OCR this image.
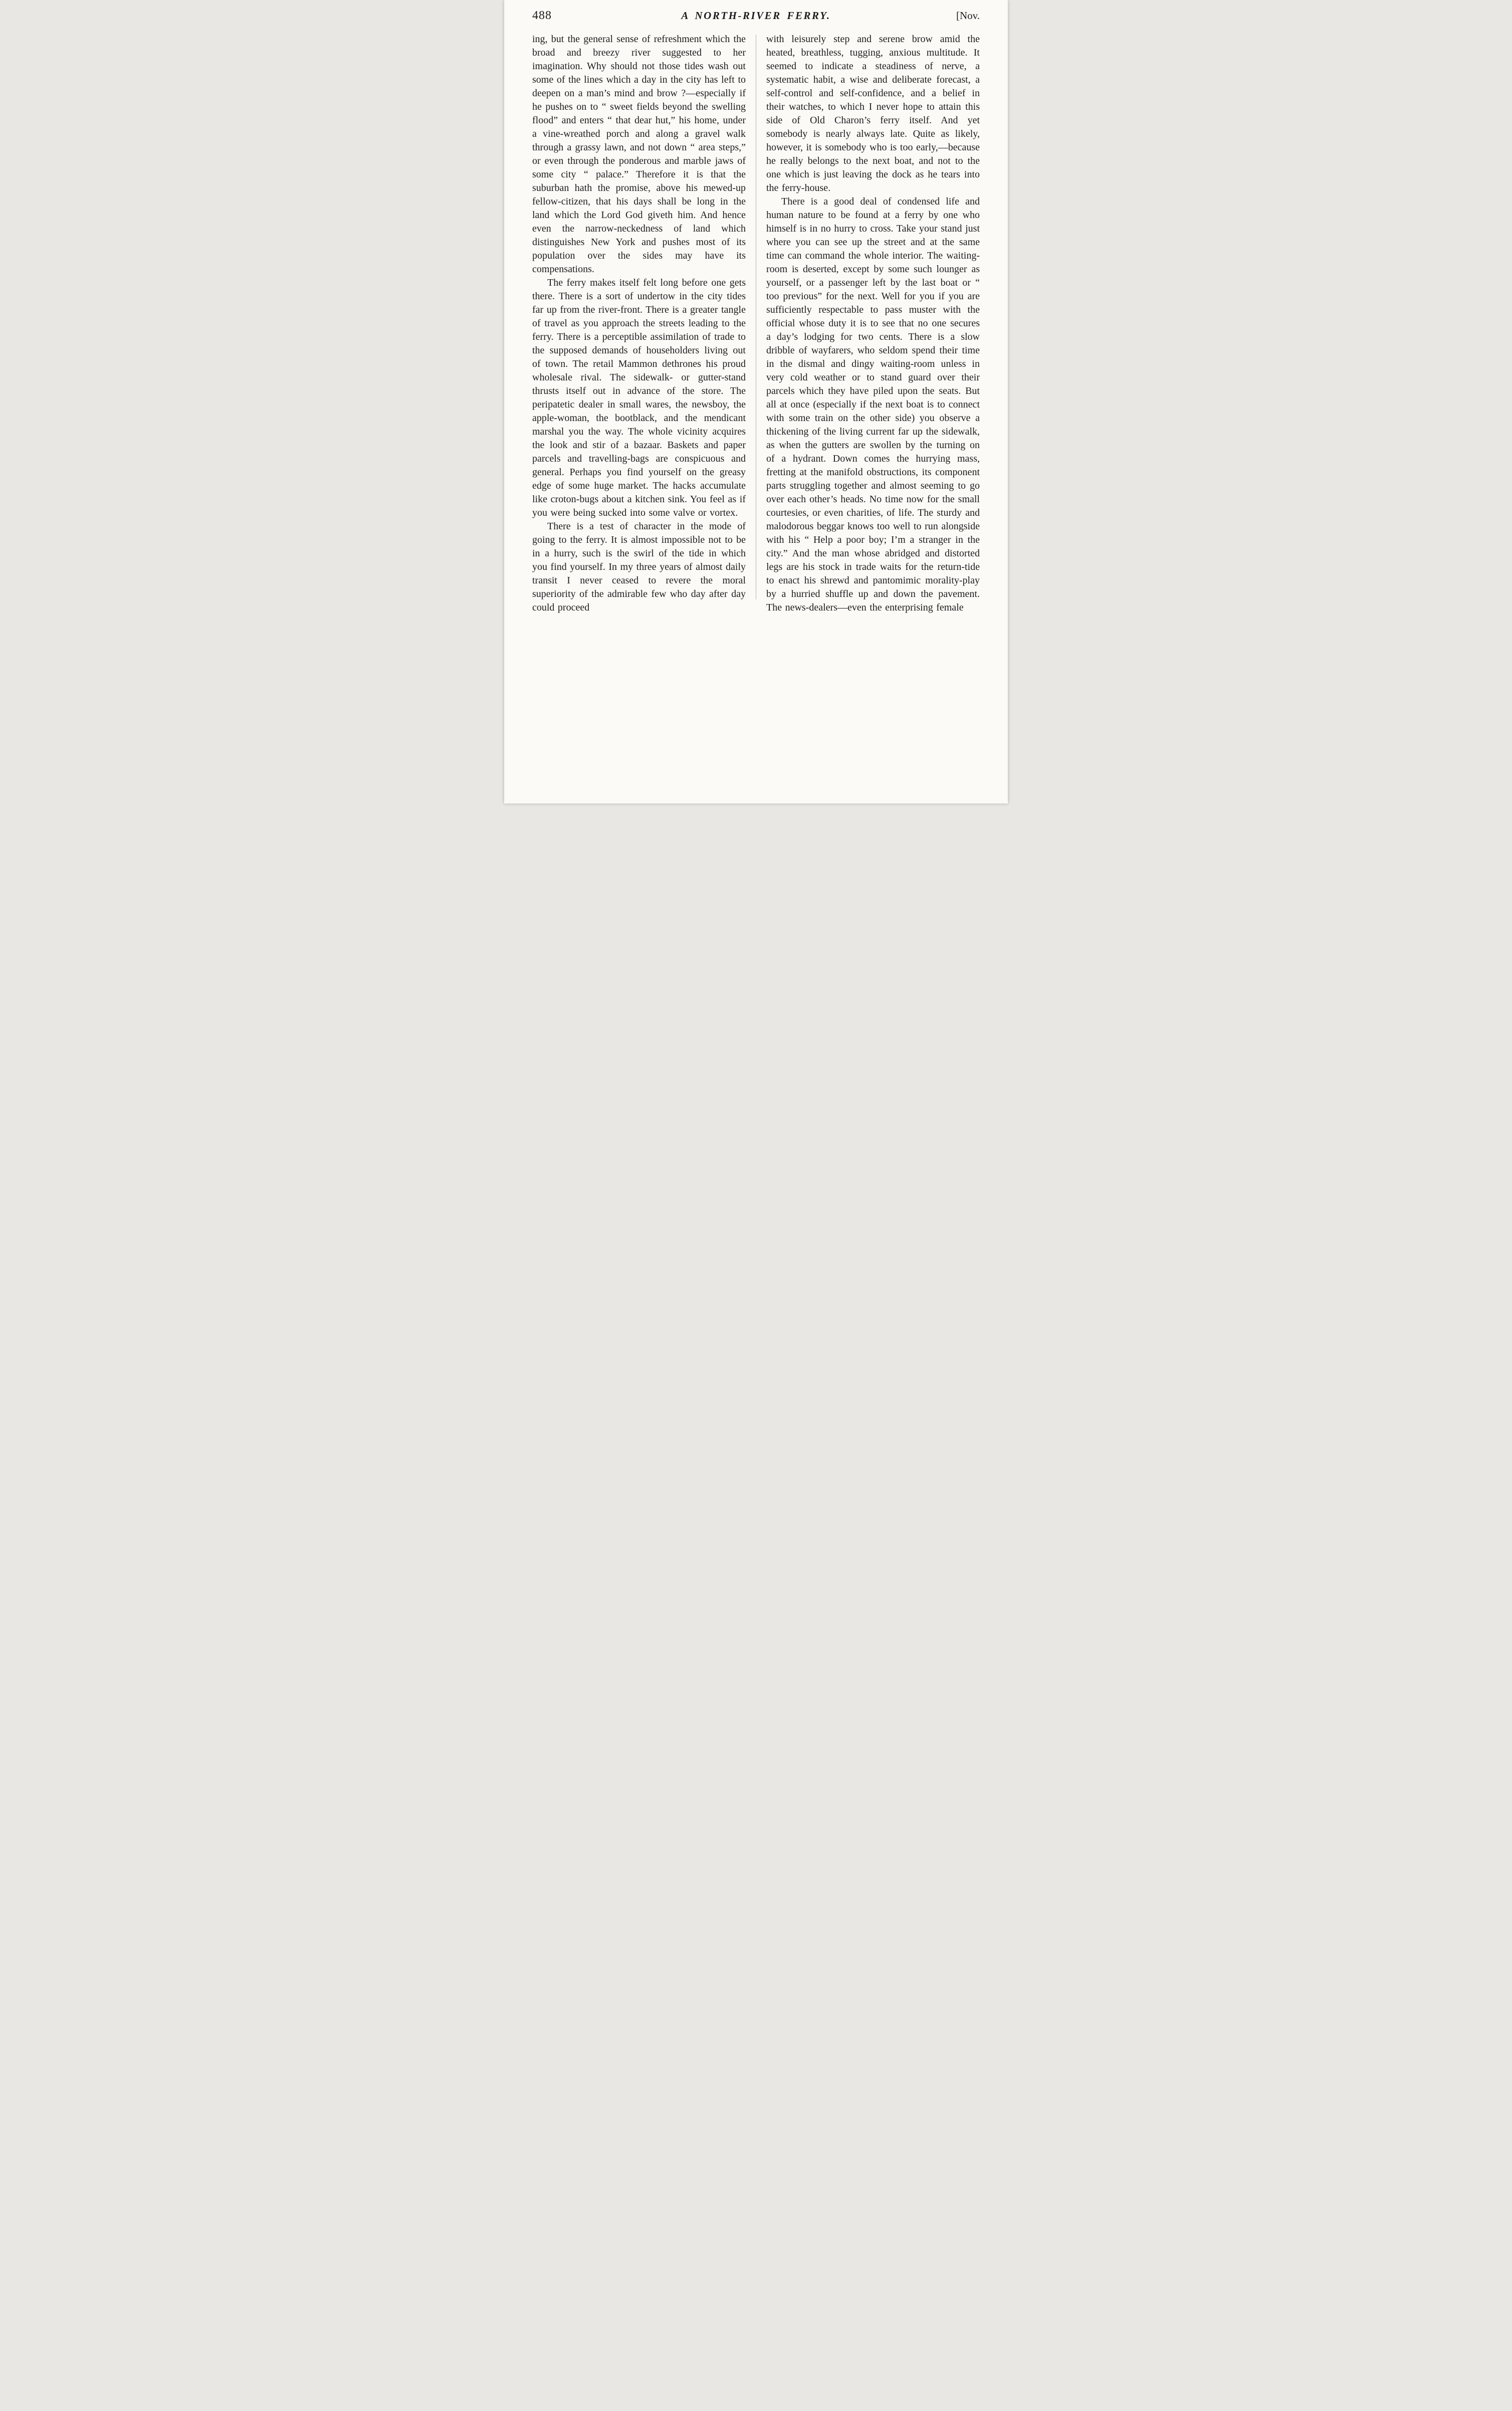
488	A NORTH-RIVER FERRY.	[Nov.

ing, but the general sense of refreshment which the broad and breezy river suggested to her imagination. Why should not those tides wash out some of the lines which a day in the city has left to deepen on a man’s mind and brow ?—especially if he pushes on to “ sweet fields beyond the swelling flood” and enters “ that dear hut,” his home, under a vine-wreathed porch and along a gravel walk through a grassy lawn, and not down “ area steps,” or even through the ponderous and marble jaws of some city “ palace.” Therefore it is that the suburban hath the promise, above his mewed-up fellow-citizen, that his days shall be long in the land which the Lord God giveth him. And hence even the narrow-neckedness of land which distinguishes New York and pushes most of its population over the sides may have its compensations.

The ferry makes itself felt long before one gets there. There is a sort of undertow in the city tides far up from the river-front. There is a greater tangle of travel as you approach the streets leading to the ferry. There is a perceptible assimilation of trade to the supposed demands of householders living out of town. The retail Mammon dethrones his proud wholesale rival. The sidewalk- or gutter-stand thrusts itself out in advance of the store. The peripatetic dealer in small wares, the newsboy, the apple-woman, the bootblack, and the mendicant marshal you the way. The whole vicinity acquires the look and stir of a bazaar. Baskets and paper parcels and travelling-bags are conspicuous and general. Perhaps you find yourself on the greasy edge of some huge market. The hacks accumulate like croton-bugs about a kitchen sink. You feel as if you were being sucked into some valve or vortex.

There is a test of character in the mode of going to the ferry. It is almost impossible not to be in a hurry, such is the swirl of the tide in which you find yourself. In my three years of almost daily transit I never ceased to revere the moral superiority of the admirable few who day after day could proceed

with leisurely step and serene brow amid the heated, breathless, tugging, anxious multitude. It seemed to indicate a steadiness of nerve, a systematic habit, a wise and deliberate forecast, a self-control and self-confidence, and a belief in their watches, to which I never hope to attain this side of Old Charon’s ferry itself. And yet somebody is nearly always late. Quite as likely, however, it is somebody who is too early,—because he really belongs to the next boat, and not to the one which is just leaving the dock as he tears into the ferry-house.

There is a good deal of condensed life and human nature to be found at a ferry by one who himself is in no hurry to cross. Take your stand just where you can see up the street and at the same time can command the whole interior. The waiting-room is deserted, except by some such lounger as yourself, or a passenger left by the last boat or “ too previous” for the next. Well for you if you are sufficiently respectable to pass muster with the official whose duty it is to see that no one secures a day’s lodging for two cents. There is a slow dribble of wayfarers, who seldom spend their time in the dismal and dingy waiting-room unless in very cold weather or to stand guard over their parcels which they have piled upon the seats. But all at once (especially if the next boat is to connect with some train on the other side) you observe a thickening of the living current far up the sidewalk, as when the gutters are swollen by the turning on of a hydrant. Down comes the hurrying mass, fretting at the manifold obstructions, its component parts struggling together and almost seeming to go over each other’s heads. No time now for the small courtesies, or even charities, of life. The sturdy and malodorous beggar knows too well to run alongside with his “ Help a poor boy; I’m a stranger in the city.” And the man whose abridged and distorted legs are his stock in trade waits for the return-tide to enact his shrewd and pantomimic morality-play by a hurried shuffle up and down the pavement. The news-dealers—even the enterprising female
